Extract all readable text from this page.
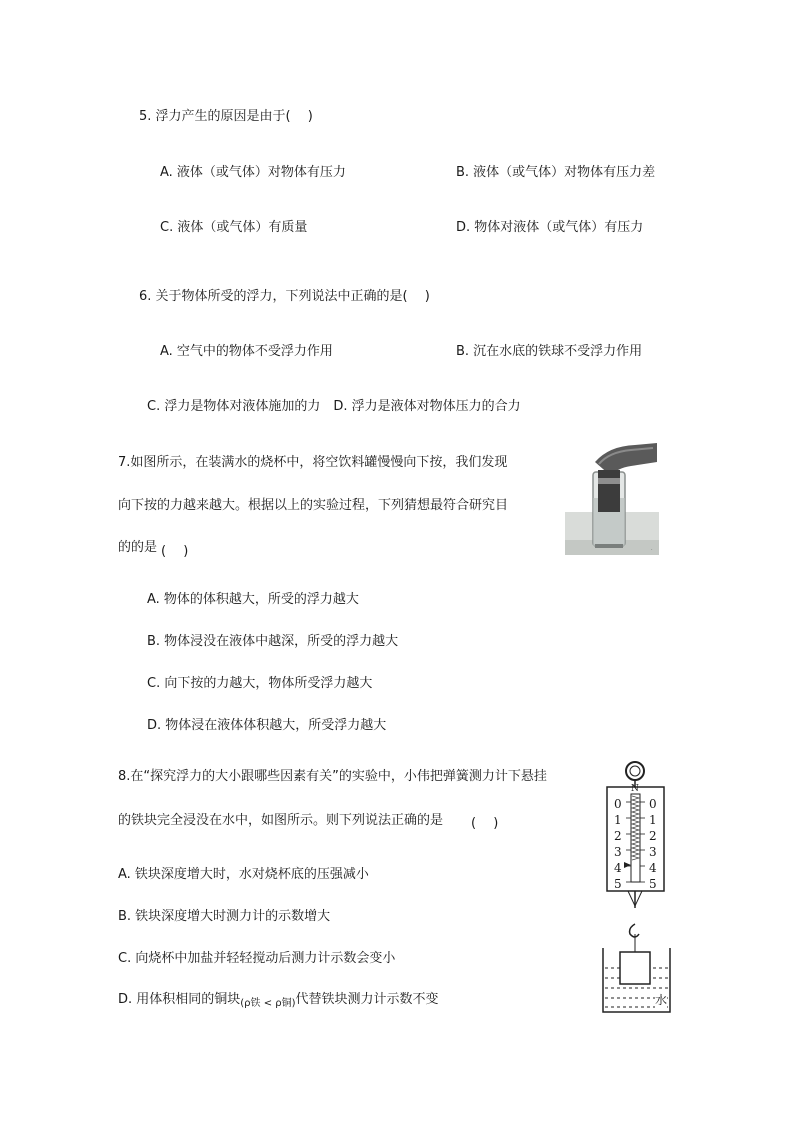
5. 浮力产生的原因是由于(　 )
A. 液体（或气体）对物体有压力	B. 液体（或气体）对物体有压力差
C. 液体（或气体）有质量	D. 物体对液体（或气体）有压力
6. 关于物体所受的浮力，下列说法中正确的是(　 )
A. 空气中的物体不受浮力作用	B. 沉在水底的铁球不受浮力作用
C. 浮力是物体对液体施加的力　D. 浮力是液体对物体压力的合力
7.如图所示，在装满水的烧杯中，将空饮料罐慢慢向下按，我们发现
向下按的力越来越大。根据以上的实验过程，下列猜想最符合研究目
的的是 (　 )
A. 物体的体积越大，所受的浮力越大
B. 物体浸没在液体中越深，所受的浮力越大
C. 向下按的力越大，物体所受浮力越大
D. 物体浸在液体体积越大，所受浮力越大
·
8.在“探究浮力的大小跟哪些因素有关”的实验中，小伟把弹簧测力计下悬挂
的铁块完全浸没在水中，如图所示。则下列说法正确的是 (　 )
A. 铁块深度增大时，水对烧杯底的压强减小
B. 铁块深度增大时测力计的示数增大
C. 向烧杯中加盐并轻轻搅动后测力计示数会变小
D. 用体积相同的铜块$_{(\rho 铁 < \rho 铜)}$代替铁块测力计示数不变
N
0
1
2
3
4
5
0
1
2
3
4
5
水
